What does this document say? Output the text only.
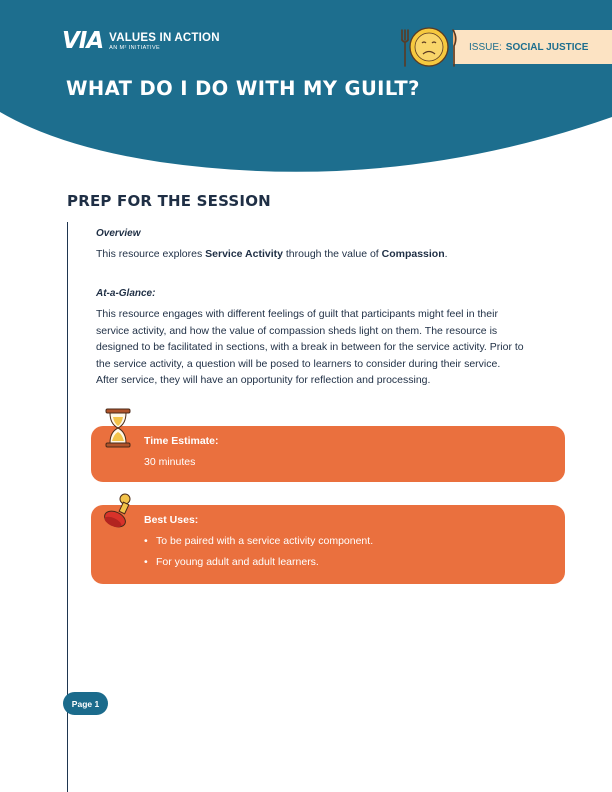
VIA VALUES IN ACTION
AN M² INITIATIVE	ISSUE: SOCIAL JUSTICE
WHAT DO I DO WITH MY GUILT?
PREP FOR THE SESSION
Overview
This resource explores Service Activity through the value of Compassion.
At-a-Glance:
This resource engages with different feelings of guilt that participants might feel in their
service activity, and how the value of compassion sheds light on them. The resource is
designed to be facilitated in sections, with a break in between for the service activity. Prior to
the service activity, a question will be posed to learners to consider during their service.
After service, they will have an opportunity for reflection and processing.
Time Estimate:
30 minutes
Best Uses:
• To be paired with a service activity component.
• For young adult and adult learners.
Page 1
